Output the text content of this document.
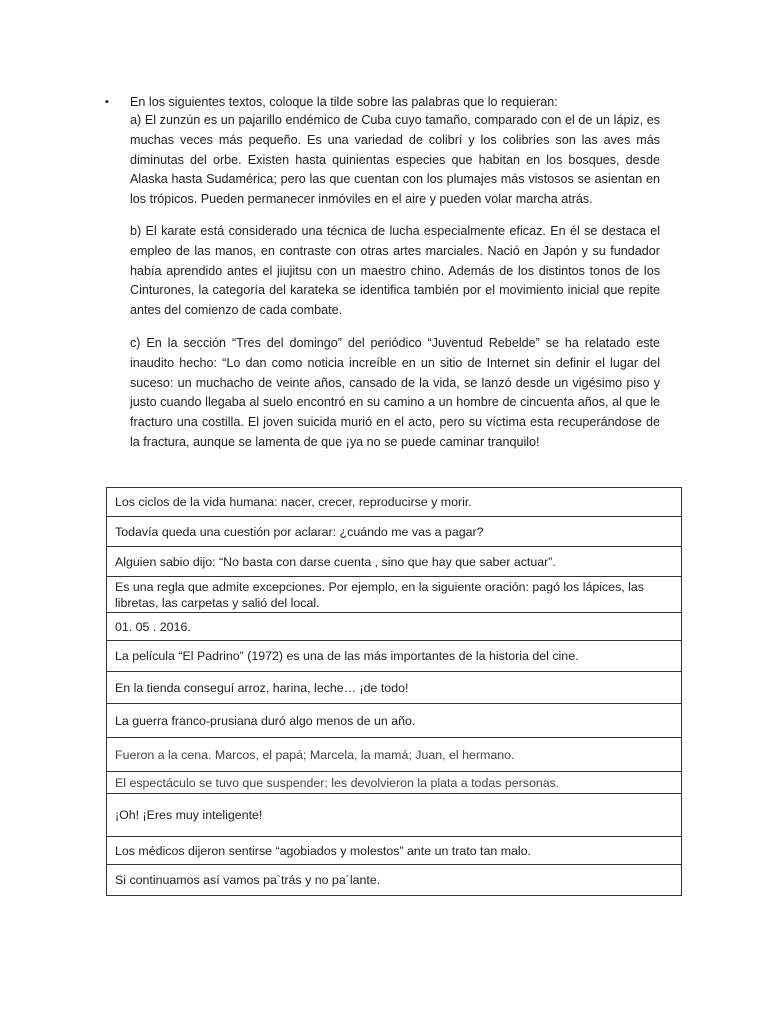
▪ En los siguientes textos, coloque la tilde sobre las palabras que lo requieran:

a) El zunzún es un pajarillo endémico de Cuba cuyo tamaño, comparado con el de un lápiz, es muchas veces más pequeño. Es una variedad de colibrí y los colibríes son las aves más diminutas del orbe. Existen hasta quinientas especies que habitan en los bosques, desde Alaska hasta Sudamérica; pero las que cuentan con los plumajes más vistosos se asientan en los trópicos. Pueden permanecer inmóviles en el aire y pueden volar marcha atrás.

b) El karate está considerado una técnica de lucha especialmente eficaz. En él se destaca el empleo de las manos, en contraste con otras artes marciales. Nació en Japón y su fundador había aprendido antes el jiujitsu con un maestro chino. Además de los distintos tonos de los Cinturones, la categoría del karateka se identifica también por el movimiento inicial que repite antes del comienzo de cada combate.

c) En la sección “Tres del domingo” del periódico “Juventud Rebelde” se ha relatado este inaudito hecho: “Lo dan como noticia increíble en un sitio de Internet sin definir el lugar del suceso: un muchacho de veinte años, cansado de la vida, se lanzó desde un vigésimo piso y justo cuando llegaba al suelo encontró en su camino a un hombre de cincuenta años, al que le fracturo una costilla. El joven suicida murió en el acto, pero su víctima esta recuperándose de la fractura, aunque se lamenta de que ¡ya no se puede caminar tranquilo!

Los ciclos de la vida humana: nacer, crecer, reproducirse y morir.
Todavía queda una cuestión por aclarar: ¿cuándo me vas a pagar?
Alguien sabio dijo: “No basta con darse cuenta , sino que hay que saber actuar”.
Es una regla que admite excepciones. Por ejemplo, en la siguiente oración: pagó los lápices, las libretas, las carpetas y salió del local.
01. 05 . 2016.
La película “El Padrino” (1972) es una de las más importantes de la historia del cine.
En la tienda conseguí arroz, harina, leche… ¡de todo!
La guerra franco-prusiana duró algo menos de un año.
Fueron a la cena. Marcos, el papá; Marcela, la mamá; Juan, el hermano.
El espectáculo se tuvo que suspender; les devolvieron la plata a todas personas.
¡Oh! ¡Eres muy inteligente!
Los médicos dijeron sentirse “agobiados y molestos” ante un trato tan malo.
Si continuamos así vamos pa`trás y no pa´lante.
